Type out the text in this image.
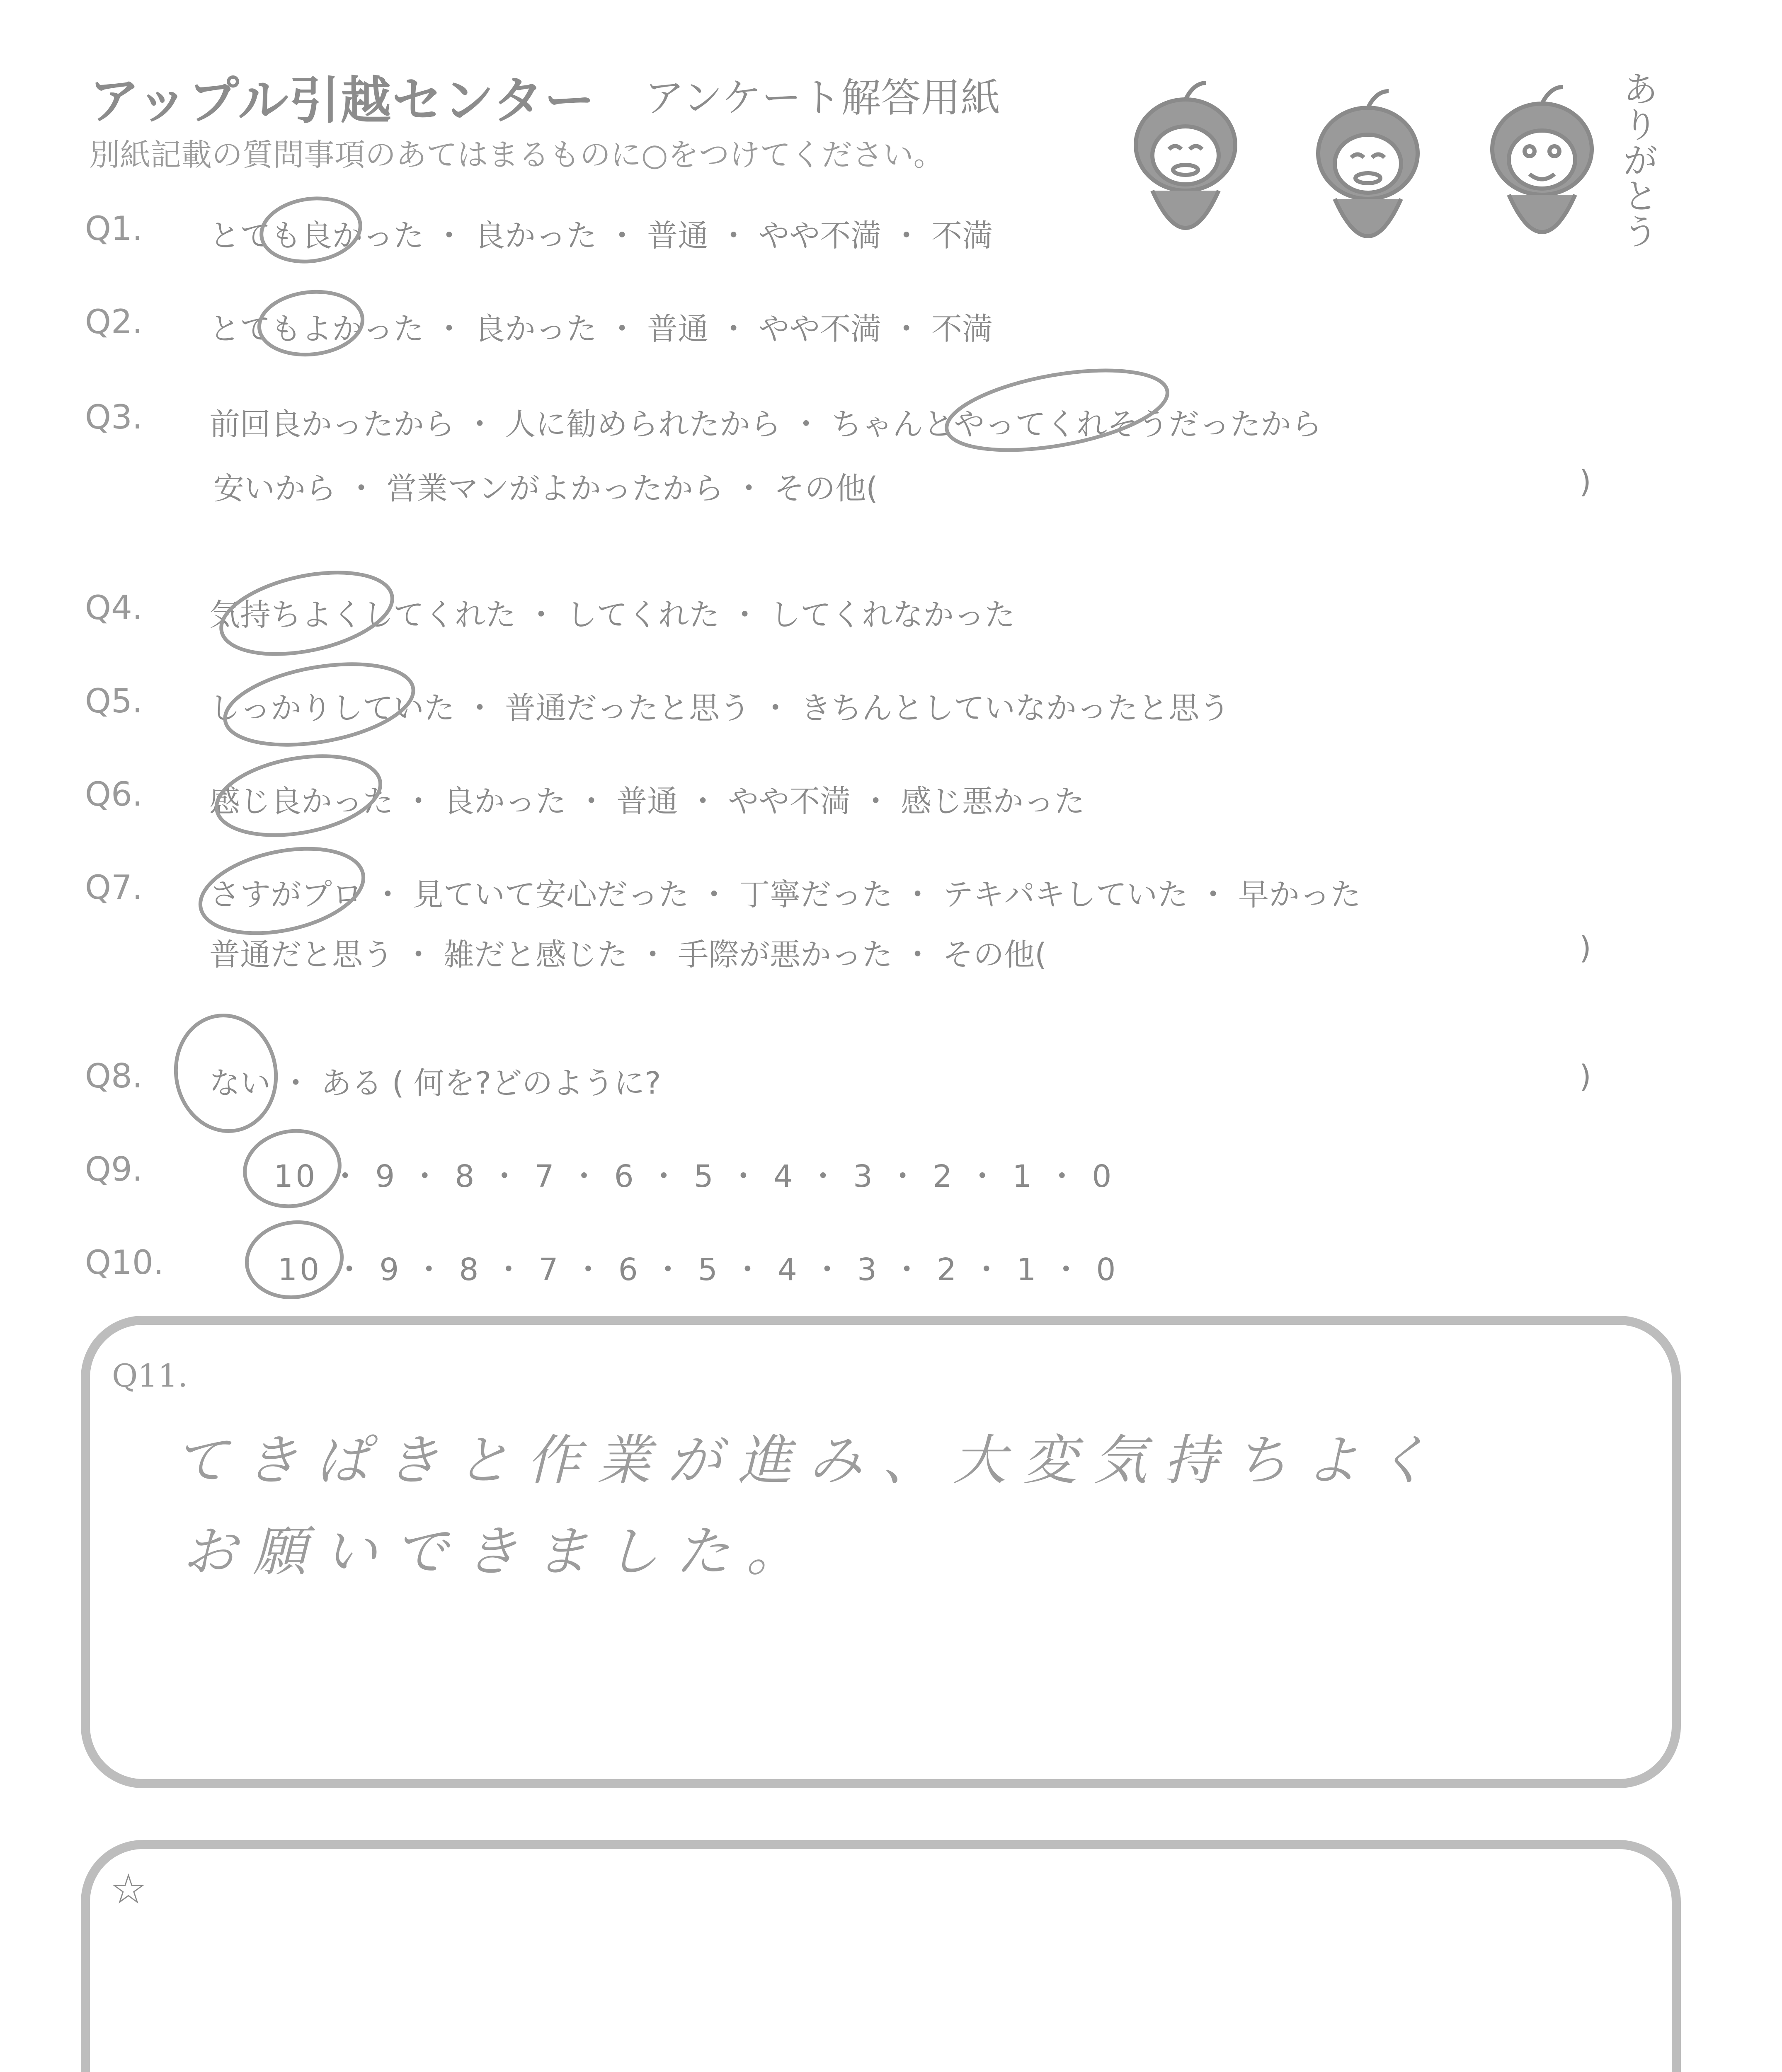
アップル引越センター アンケート解答用紙
別紙記載の質問事項のあてはまるものに○をつけてください。	ありがとう
Q1. とても良かった ・ 良かった ・ 普通 ・ やや不満 ・ 不満
Q2. とてもよかった ・ 良かった ・ 普通 ・ やや不満 ・ 不満
Q3. 前回良かったから ・ 人に勧められたから ・ ちゃんとやってくれそうだったから
安いから ・ 営業マンがよかったから ・ その他(	)
Q4. 気持ちよくしてくれた ・ してくれた ・ してくれなかった
Q5. しっかりしていた ・ 普通だったと思う ・ きちんとしていなかったと思う
Q6. 感じ良かった ・ 良かった ・ 普通 ・ やや不満 ・ 感じ悪かった
Q7. さすがプロ ・ 見ていて安心だった ・ 丁寧だった ・ テキパキしていた ・ 早かった
普通だと思う ・ 雑だと感じた ・ 手際が悪かった ・ その他(	)
Q8. ない ・ ある ( 何を?どのように?	)
Q9.	10 ・ 9 ・ 8 ・ 7 ・ 6 ・ 5 ・ 4 ・ 3 ・ 2 ・ 1 ・ 0
Q10.	10 ・ 9 ・ 8 ・ 7 ・ 6 ・ 5 ・ 4 ・ 3 ・ 2 ・ 1 ・ 0
Q11.
てきぱきと作業が進み、大変気持ちよく
お願いできました。
☆
